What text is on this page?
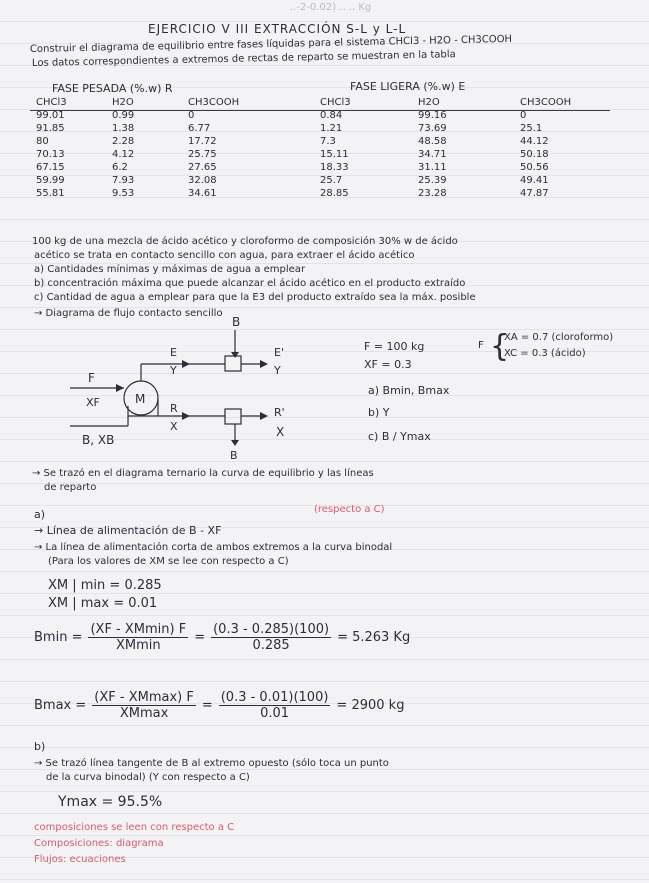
..-2-0.02) .. .. Kg
EJERCICIO V III EXTRACCIÓN S-L y L-L
Construir el diagrama de equilibrio entre fases líquidas para el sistema CHCl3 - H2O - CH3COOH
Los datos correspondientes a extremos de rectas de reparto se muestran en la tabla
FASE PESADA (%.w) R	FASE LIGERA (%.w) E
CHCl3	H2O	CH3COOH	CHCl3	H2O	CH3COOH
99.01	0.99	0	0.84	99.16	0
91.85	1.38	6.77	1.21	73.69	25.1
80	2.28	17.72	7.3	48.58	44.12
70.13	4.12	25.75	15.11	34.71	50.18
67.15	6.2	27.65	18.33	31.11	50.56
59.99	7.93	32.08	25.7	25.39	49.41
55.81	9.53	34.61	28.85	23.28	47.87
100 kg de una mezcla de ácido acético y cloroformo de composición 30% w de ácido
acético se trata en contacto sencillo con agua, para extraer el ácido acético
a) Cantidades mínimas y máximas de agua a emplear
b) concentración máxima que puede alcanzar el ácido acético en el producto extraído
c) Cantidad de agua a emplear para que la E3 del producto extraído sea la máx. posible
→ Diagrama de flujo contacto sencillo
B
E
Y
E'
Y
F
XF	M
R
X
R'
X
B, XB
B
F = 100 kg
XF = 0.3
F {
XA = 0.7 (cloroformo)
XC = 0.3 (ácido)
a) Bmin, Bmax
b) Y
c) B / Ymax
→ Se trazó en el diagrama ternario la curva de equilibrio y las líneas
de reparto
a)	(respecto a C)
→ Línea de alimentación de B - XF
→ La línea de alimentación corta de ambos extremos a la curva binodal
(Para los valores de XM se lee con respecto a C)
XM | min = 0.285
XM | max = 0.01
$Bmin = \frac{(XF - XMmin) F}{XMmin} = \frac{(0.3 - 0.285)(100)}{0.285} = 5.263$ Kg
$Bmax = \frac{(XF - XMmax) F}{XMmax} = \frac{(0.3 - 0.01)(100)}{0.01} = 2900$ kg
b)
→ Se trazó línea tangente de B al extremo opuesto (sólo toca un punto
de la curva binodal) (Y con respecto a C)
Ymax = 95.5%
composiciones se leen con respecto a C
Composiciones: diagrama
Flujos: ecuaciones
